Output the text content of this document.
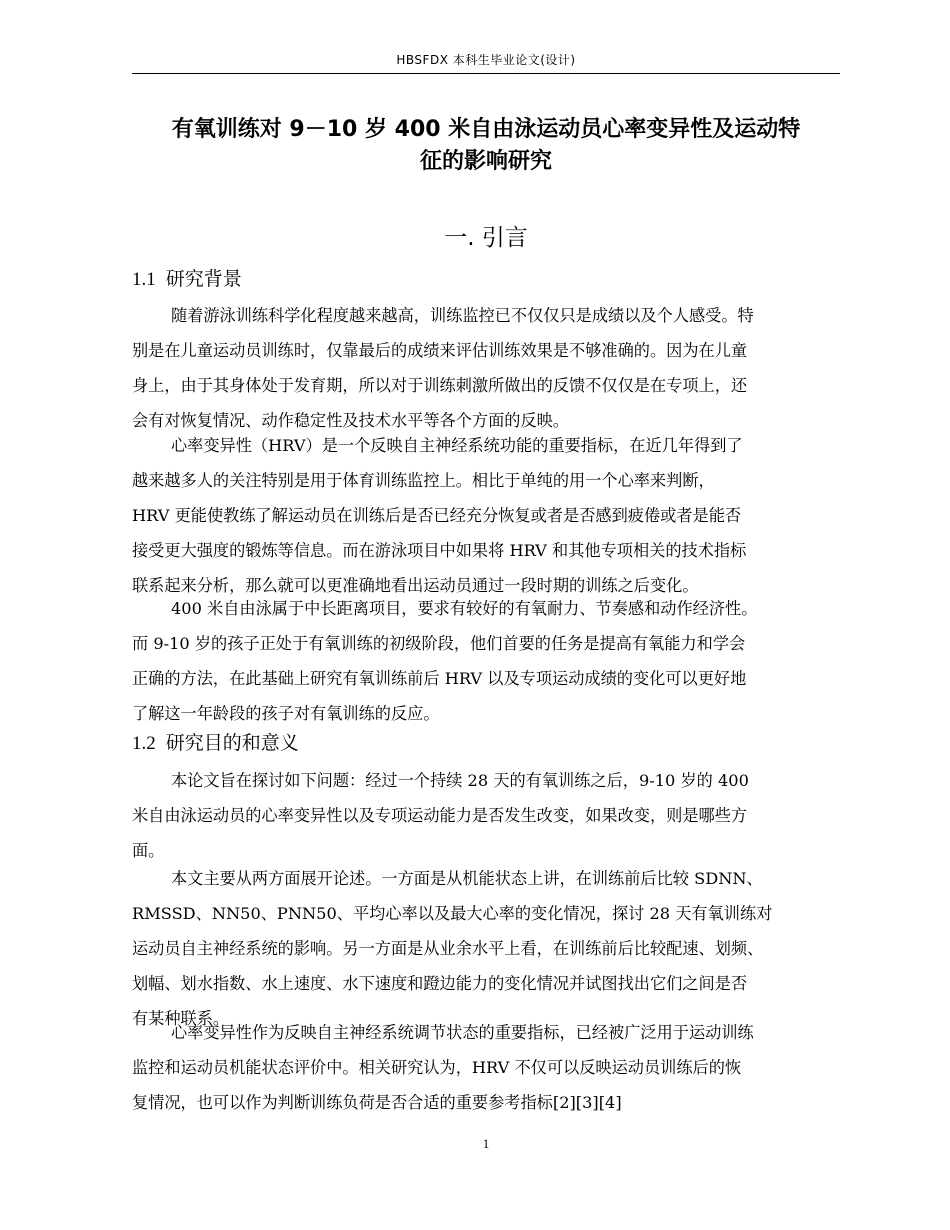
HBSFDX 本科生毕业论文(设计)
有氧训练对 9－10 岁 400 米自由泳运动员心率变异性及运动特
征的影响研究
一. 引言
1.1 研究背景
随着游泳训练科学化程度越来越高，训练监控已不仅仅只是成绩以及个人感受。特
别是在儿童运动员训练时，仅靠最后的成绩来评估训练效果是不够准确的。因为在儿童
身上，由于其身体处于发育期，所以对于训练刺激所做出的反馈不仅仅是在专项上，还
会有对恢复情况、动作稳定性及技术水平等各个方面的反映。
心率变异性（HRV）是一个反映自主神经系统功能的重要指标，在近几年得到了
越来越多人的关注特别是用于体育训练监控上。相比于单纯的用一个心率来判断，
HRV 更能使教练了解运动员在训练后是否已经充分恢复或者是否感到疲倦或者是能否
接受更大强度的锻炼等信息。而在游泳项目中如果将 HRV 和其他专项相关的技术指标
联系起来分析，那么就可以更准确地看出运动员通过一段时期的训练之后变化。
400 米自由泳属于中长距离项目，要求有较好的有氧耐力、节奏感和动作经济性。
而 9-10 岁的孩子正处于有氧训练的初级阶段，他们首要的任务是提高有氧能力和学会
正确的方法，在此基础上研究有氧训练前后 HRV 以及专项运动成绩的变化可以更好地
了解这一年龄段的孩子对有氧训练的反应。
1.2 研究目的和意义
本论文旨在探讨如下问题：经过一个持续 28 天的有氧训练之后，9-10 岁的 400
米自由泳运动员的心率变异性以及专项运动能力是否发生改变，如果改变，则是哪些方
面。
本文主要从两方面展开论述。一方面是从机能状态上讲，在训练前后比较 SDNN、
RMSSD、NN50、PNN50、平均心率以及最大心率的变化情况，探讨 28 天有氧训练对
运动员自主神经系统的影响。另一方面是从业余水平上看，在训练前后比较配速、划频、
划幅、划水指数、水上速度、水下速度和蹬边能力的变化情况并试图找出它们之间是否
有某种联系。
心率变异性作为反映自主神经系统调节状态的重要指标，已经被广泛用于运动训练
监控和运动员机能状态评价中。相关研究认为，HRV 不仅可以反映运动员训练后的恢
复情况，也可以作为判断训练负荷是否合适的重要参考指标[2][3][4]
1
